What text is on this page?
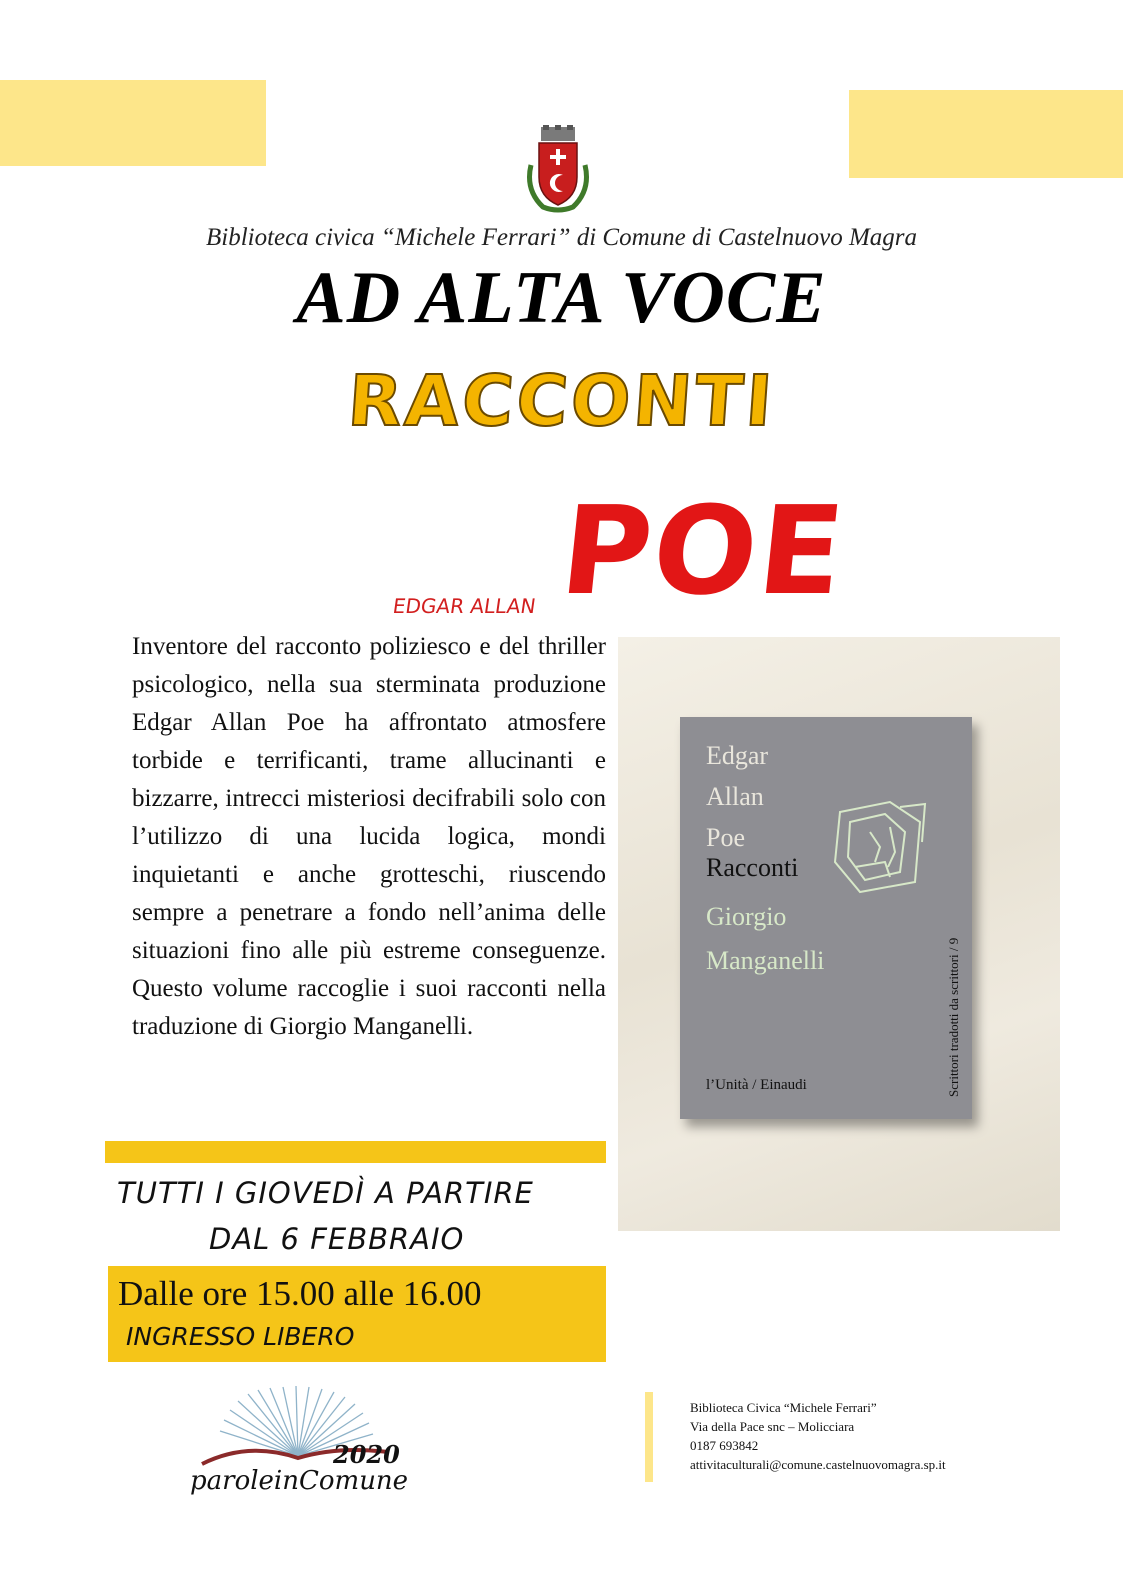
Biblioteca civica “Michele Ferrari” di Comune di Castelnuovo Magra
AD ALTA VOCE
RACCONTI
EDGAR ALLAN POE
Inventore del racconto poliziesco e del thriller psicologico, nella sua sterminata produzione Edgar Allan Poe ha affrontato atmosfere torbide e terrificanti, trame allucinanti e bizzarre, intrecci misteriosi decifrabili solo con l’utilizzo di una lucida logica, mondi inquietanti e anche grotteschi, riuscendo sempre a penetrare a fondo nell’anima delle situazioni fino alle più estreme conseguenze. Questo volume raccoglie i suoi racconti nella traduzione di Giorgio Manganelli.
Edgar
Allan
Poe
Racconti
Giorgio
Manganelli
l’Unità / Einaudi	Scrittori tradotti da scrittori / 9
TUTTI I GIOVEDÌ A PARTIRE
DAL 6 FEBBRAIO
Dalle ore 15.00 alle 16.00
INGRESSO LIBERO
2020
paroleinComune
Biblioteca Civica “Michele Ferrari”
Via della Pace snc – Molicciara
0187 693842
attivitaculturali@comune.castelnuovomagra.sp.it
